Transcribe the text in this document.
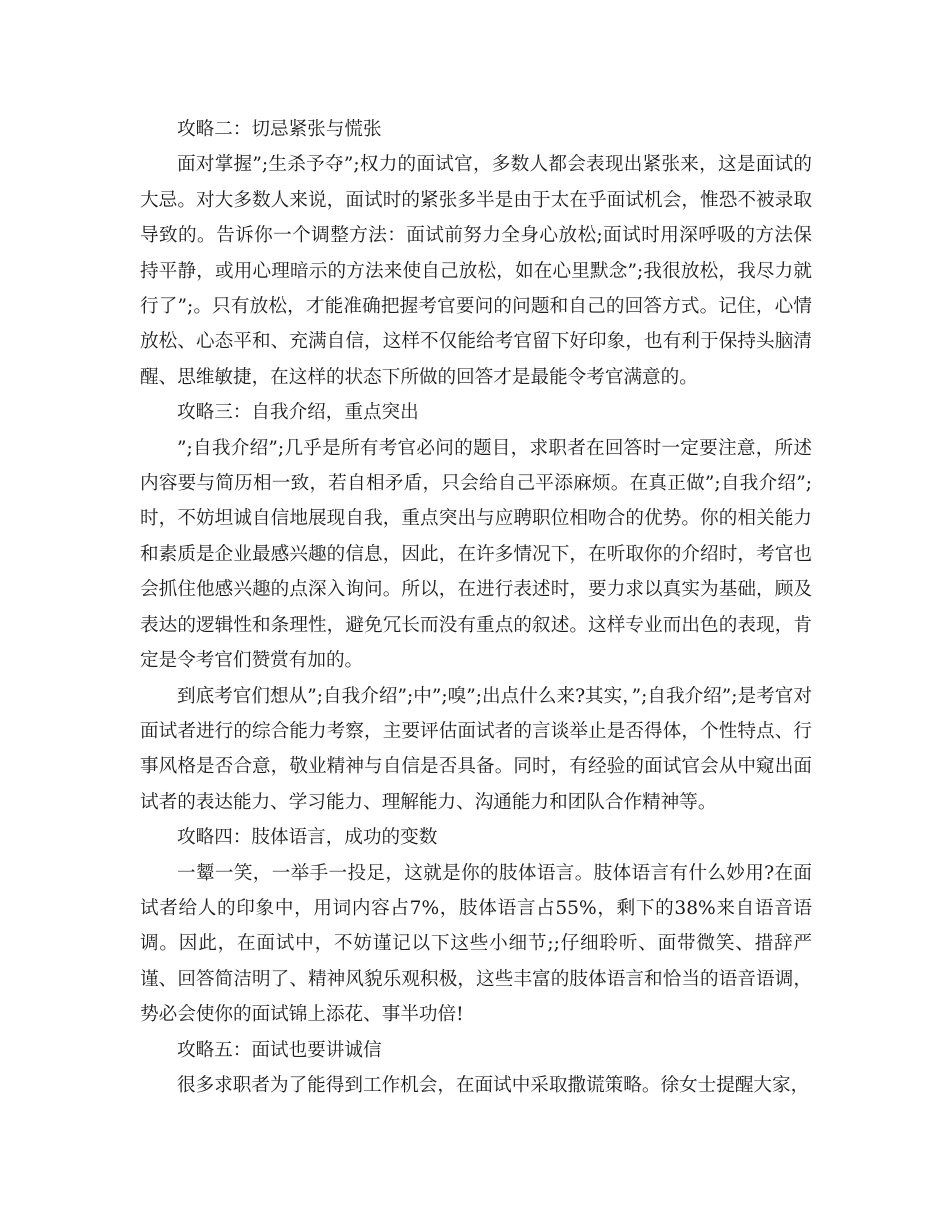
攻略二：切忌紧张与慌张

面对掌握”;生杀予夺”;权力的面试官，多数人都会表现出紧张来，这是面试的大忌。对大多数人来说，面试时的紧张多半是由于太在乎面试机会，惟恐不被录取导致的。告诉你一个调整方法：面试前努力全身心放松;面试时用深呼吸的方法保持平静，或用心理暗示的方法来使自己放松，如在心里默念”;我很放松，我尽力就行了”;。只有放松，才能准确把握考官要问的问题和自己的回答方式。记住，心情放松、心态平和、充满自信，这样不仅能给考官留下好印象，也有利于保持头脑清醒、思维敏捷，在这样的状态下所做的回答才是最能令考官满意的。

攻略三：自我介绍，重点突出

”;自我介绍”;几乎是所有考官必问的题目，求职者在回答时一定要注意，所述内容要与简历相一致，若自相矛盾，只会给自己平添麻烦。在真正做”;自我介绍”;时，不妨坦诚自信地展现自我，重点突出与应聘职位相吻合的优势。你的相关能力和素质是企业最感兴趣的信息，因此，在许多情况下，在听取你的介绍时，考官也会抓住他感兴趣的点深入询问。所以，在进行表述时，要力求以真实为基础，顾及表达的逻辑性和条理性，避免冗长而没有重点的叙述。这样专业而出色的表现，肯定是令考官们赞赏有加的。

到底考官们想从”;自我介绍”;中”;嗅”;出点什么来?其实，”;自我介绍”;是考官对面试者进行的综合能力考察，主要评估面试者的言谈举止是否得体，个性特点、行事风格是否合意，敬业精神与自信是否具备。同时，有经验的面试官会从中窥出面试者的表达能力、学习能力、理解能力、沟通能力和团队合作精神等。

攻略四：肢体语言，成功的变数

一颦一笑，一举手一投足，这就是你的肢体语言。肢体语言有什么妙用?在面试者给人的印象中，用词内容占7%，肢体语言占55%，剩下的38%来自语音语调。因此，在面试中，不妨谨记以下这些小细节;;仔细聆听、面带微笑、措辞严谨、回答简洁明了、精神风貌乐观积极，这些丰富的肢体语言和恰当的语音语调，势必会使你的面试锦上添花、事半功倍!

攻略五：面试也要讲诚信

很多求职者为了能得到工作机会，在面试中采取撒谎策略。徐女士提醒大家，
